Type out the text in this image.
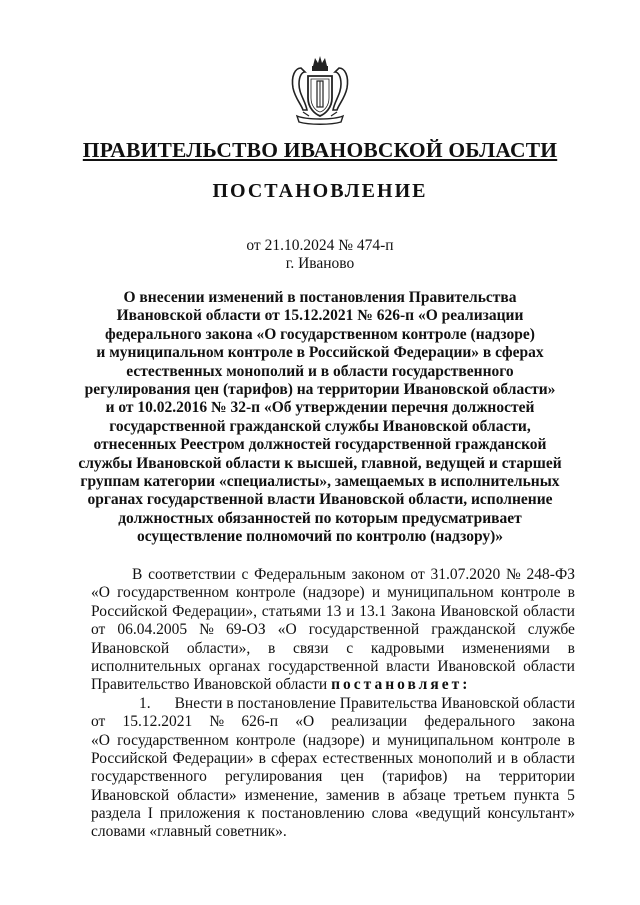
ПРАВИТЕЛЬСТВО ИВАНОВСКОЙ ОБЛАСТИ
ПОСТАНОВЛЕНИЕ
от 21.10.2024 № 474-п
г. Иваново
О внесении изменений в постановления Правительства
Ивановской области от 15.12.2021 № 626-п «О реализации
федерального закона «О государственном контроле (надзоре)
и муниципальном контроле в Российской Федерации» в сферах
естественных монополий и в области государственного
регулирования цен (тарифов) на территории Ивановской области»
и от 10.02.2016 № 32-п «Об утверждении перечня должностей
государственной гражданской службы Ивановской области,
отнесенных Реестром должностей государственной гражданской
службы Ивановской области к высшей, главной, ведущей и старшей
группам категории «специалисты», замещаемых в исполнительных
органах государственной власти Ивановской области, исполнение
должностных обязанностей по которым предусматривает
осуществление полномочий по контролю (надзору)»
В соответствии с Федеральным законом от 31.07.2020 № 248-ФЗ
«О государственном контроле (надзоре) и муниципальном контроле в
Российской Федерации», статьями 13 и 13.1 Закона Ивановской области
от 06.04.2005 № 69-ОЗ «О государственной гражданской службе
Ивановской области», в связи с кадровыми изменениями в
исполнительных органах государственной власти Ивановской области
Правительство Ивановской области
постановляет:
1. Внести в постановление Правительства Ивановской области
от 15.12.2021 № 626-п «О реализации федерального закона
«О государственном контроле (надзоре) и муниципальном контроле в
Российской Федерации» в сферах естественных монополий и в области
государственного регулирования цен (тарифов) на территории
Ивановской области» изменение, заменив в абзаце третьем пункта 5
раздела I приложения к постановлению слова «ведущий консультант»
словами «главный советник».
